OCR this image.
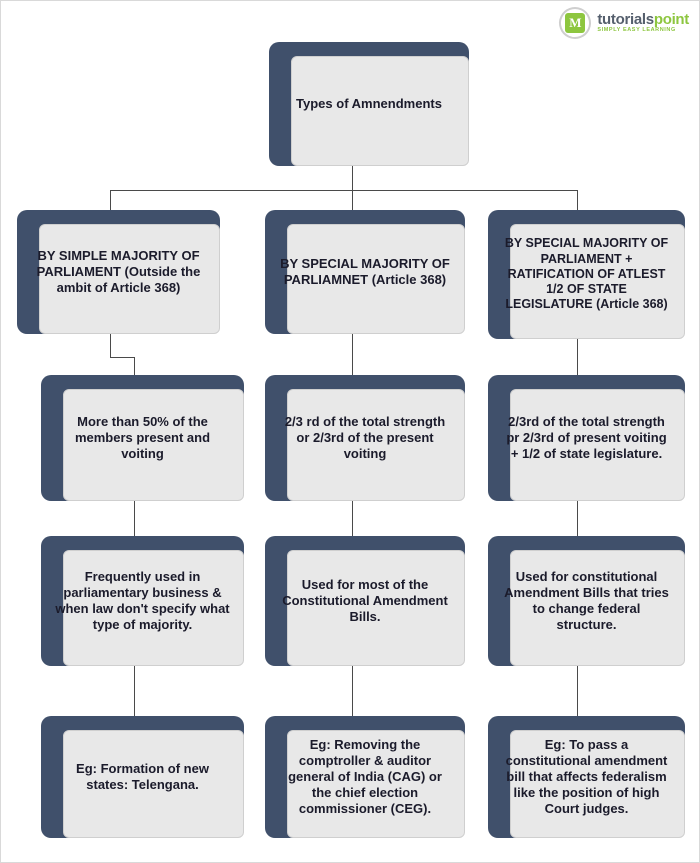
M tutorialspoint
SIMPLY EASY LEARNING
Types of Amnendments
BY SIMPLE MAJORITY OF PARLIAMENT (Outside the ambit of Article 368)
More than 50% of the members present and voiting
Frequently used in parliamentary business & when law don't specify what type of majority.
Eg: Formation of new states: Telengana.
BY SPECIAL MAJORITY OF PARLIAMNET (Article 368)
2/3 rd of the total strength or 2/3rd of the present voiting
Used for most of the Constitutional Amendment Bills.
Eg: Removing the comptroller & auditor general of India (CAG) or the chief election commissioner (CEG).
BY SPECIAL MAJORITY OF PARLIAMENT + RATIFICATION OF ATLEST 1/2 OF STATE LEGISLATURE (Article 368)
2/3rd of the total strength pr 2/3rd of present voiting + 1/2 of state legislature.
Used for constitutional Amendment Bills that tries to change federal structure.
Eg: To pass a constitutional amendment bill that affects federalism like the position of high Court judges.
